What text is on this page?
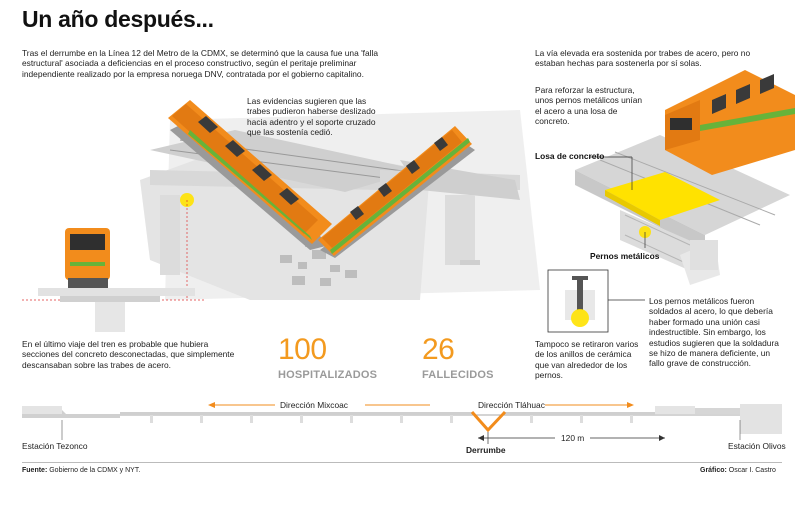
Un año después...
Tras el derrumbe en la Línea 12 del Metro de la CDMX, se determinó que la causa fue una 'falla estructural' asociada a deficiencias en el proceso constructivo, según el peritaje preliminar independiente realizado por la empresa noruega DNV, contratada por el gobierno capitalino.
Las evidencias sugieren que las trabes pudieron haberse deslizado hacia adentro y el soporte cruzado que las sostenía cedió.
En el último viaje del tren es probable que hubiera secciones del concreto desconectadas, que simplemente descansaban sobre las trabes de acero.	100
HOSPITALIZADOS
26
FALLECIDOS
La vía elevada era sostenida por trabes de acero, pero no estaban hechas para sostenerla por sí solas.
Para reforzar la estructura, unos pernos metálicos unían el acero a una losa de concreto.
Losa de concreto
Pernos metálicos
Tampoco se retiraron varios de los anillos de cerámica que van alrededor de los pernos.
Los pernos metálicos fueron soldados al acero, lo que debería haber formado una unión casi indestructible. Sin embargo, los estudios sugieren que la soldadura se hizo de manera deficiente, un fallo grave de construcción.
Dirección Mixcoac	Dirección Tláhuac
Estación Tezonco	Estación Olivos
Derrumbe
120 m
Fuente: Gobierno de la CDMX y NYT.	Gráfico: Oscar I. Castro
